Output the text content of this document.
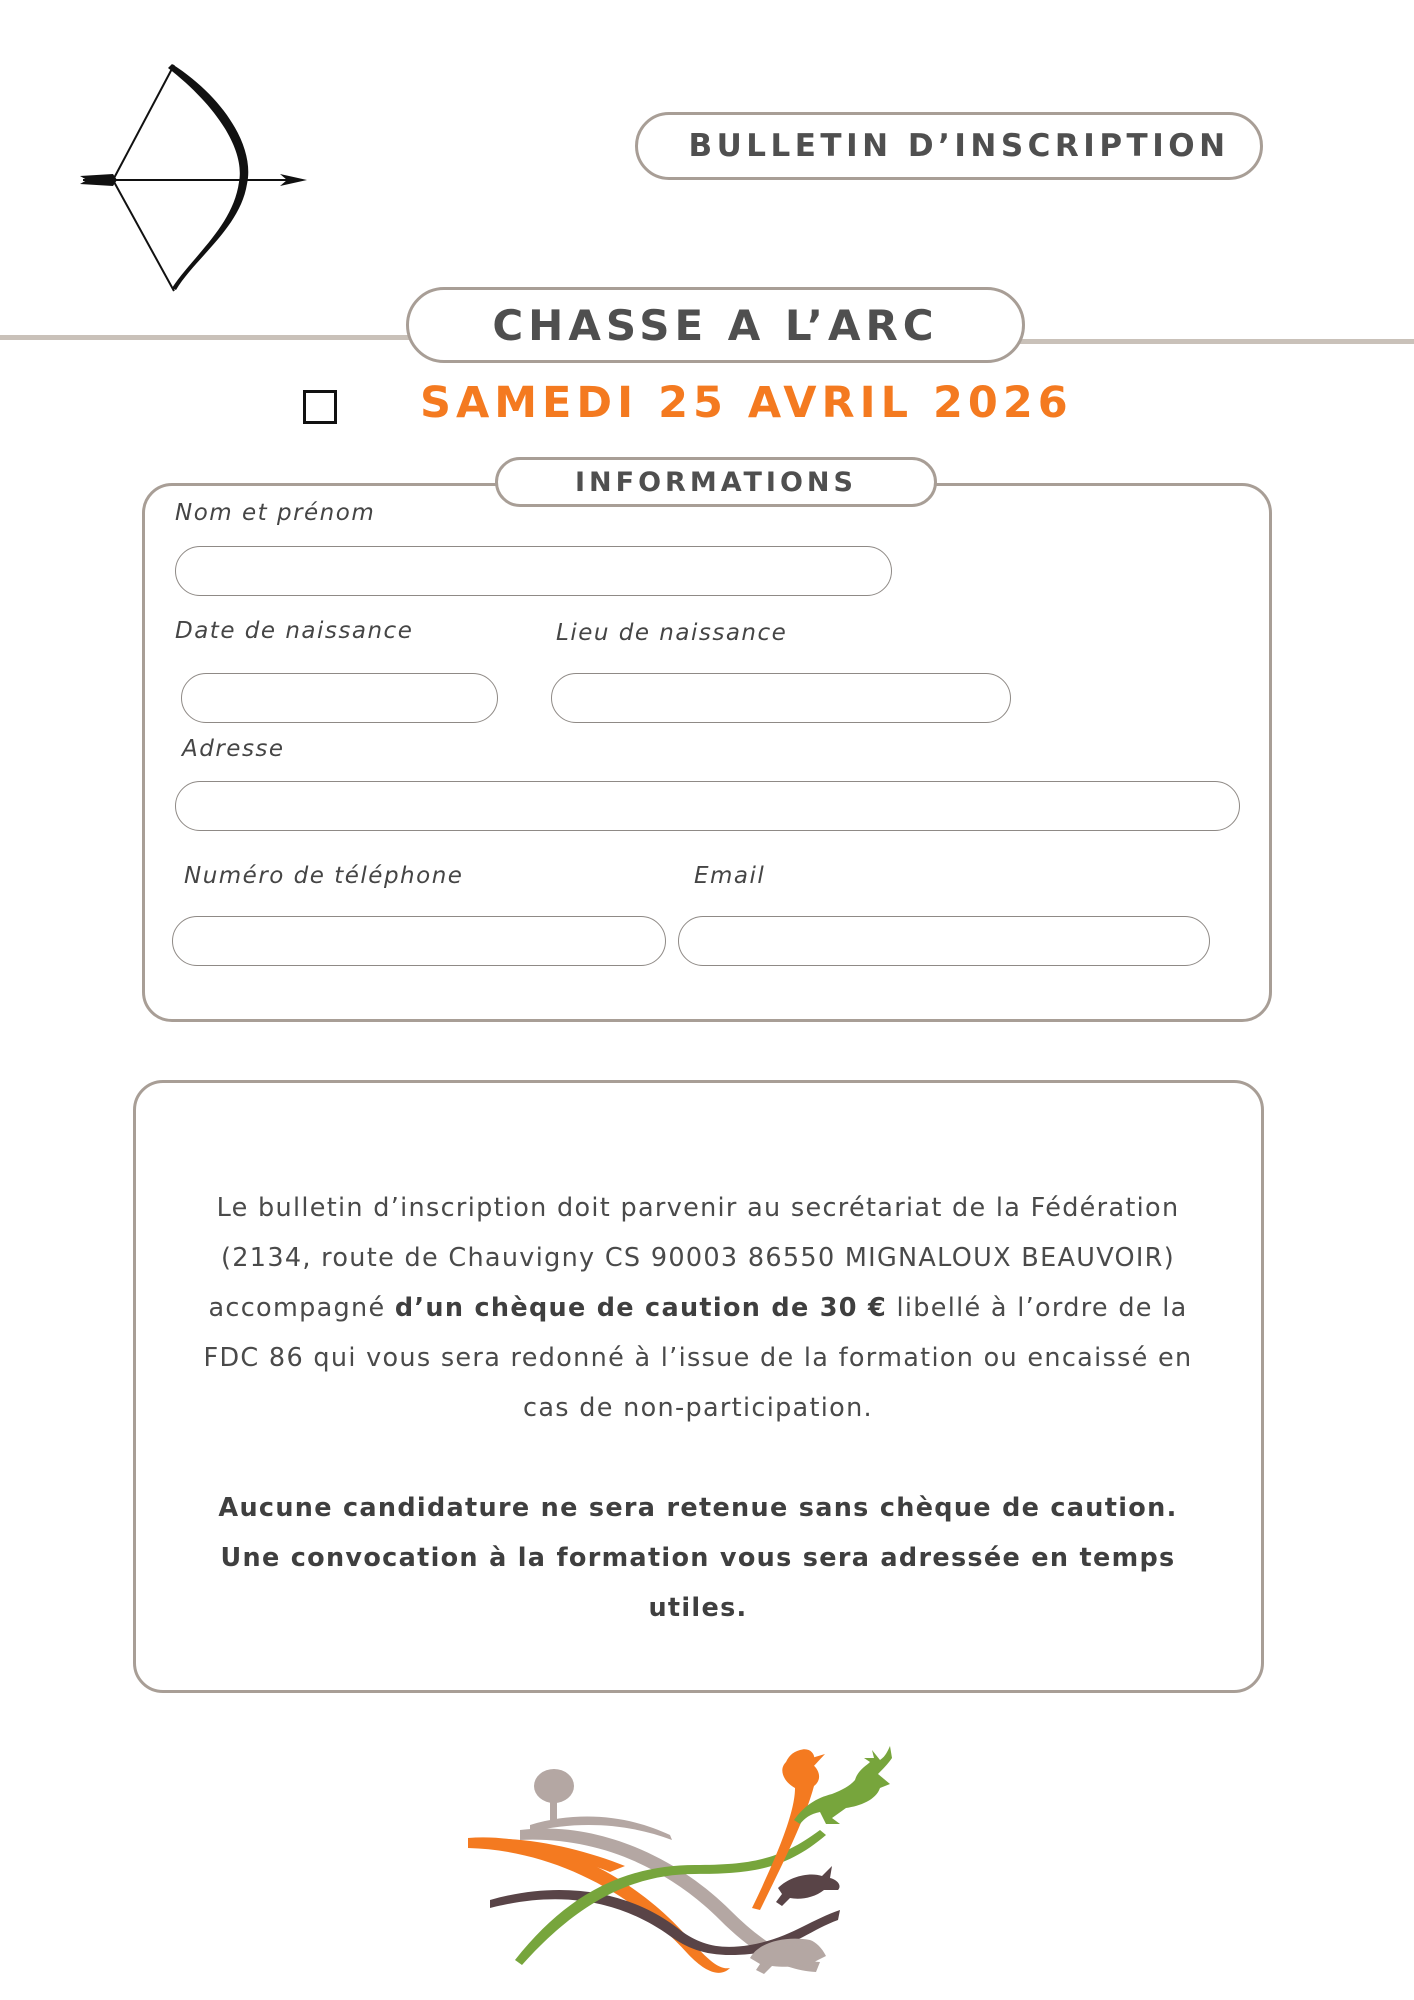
BULLETIN D’INSCRIPTION
CHASSE A L’ARC
SAMEDI 25 AVRIL 2026
INFORMATIONS
Nom et prénom
Date de naissance	Lieu de naissance
Adresse
Numéro de téléphone	Email

Le bulletin d’inscription doit parvenir au secrétariat de la Fédération (2134, route de Chauvigny CS 90003 86550 MIGNALOUX BEAUVOIR) accompagné d’un chèque de caution de 30 € libellé à l’ordre de la FDC 86 qui vous sera redonné à l’issue de la formation ou encaissé en cas de non-participation.

Aucune candidature ne sera retenue sans chèque de caution. Une convocation à la formation vous sera adressée en temps utiles.
